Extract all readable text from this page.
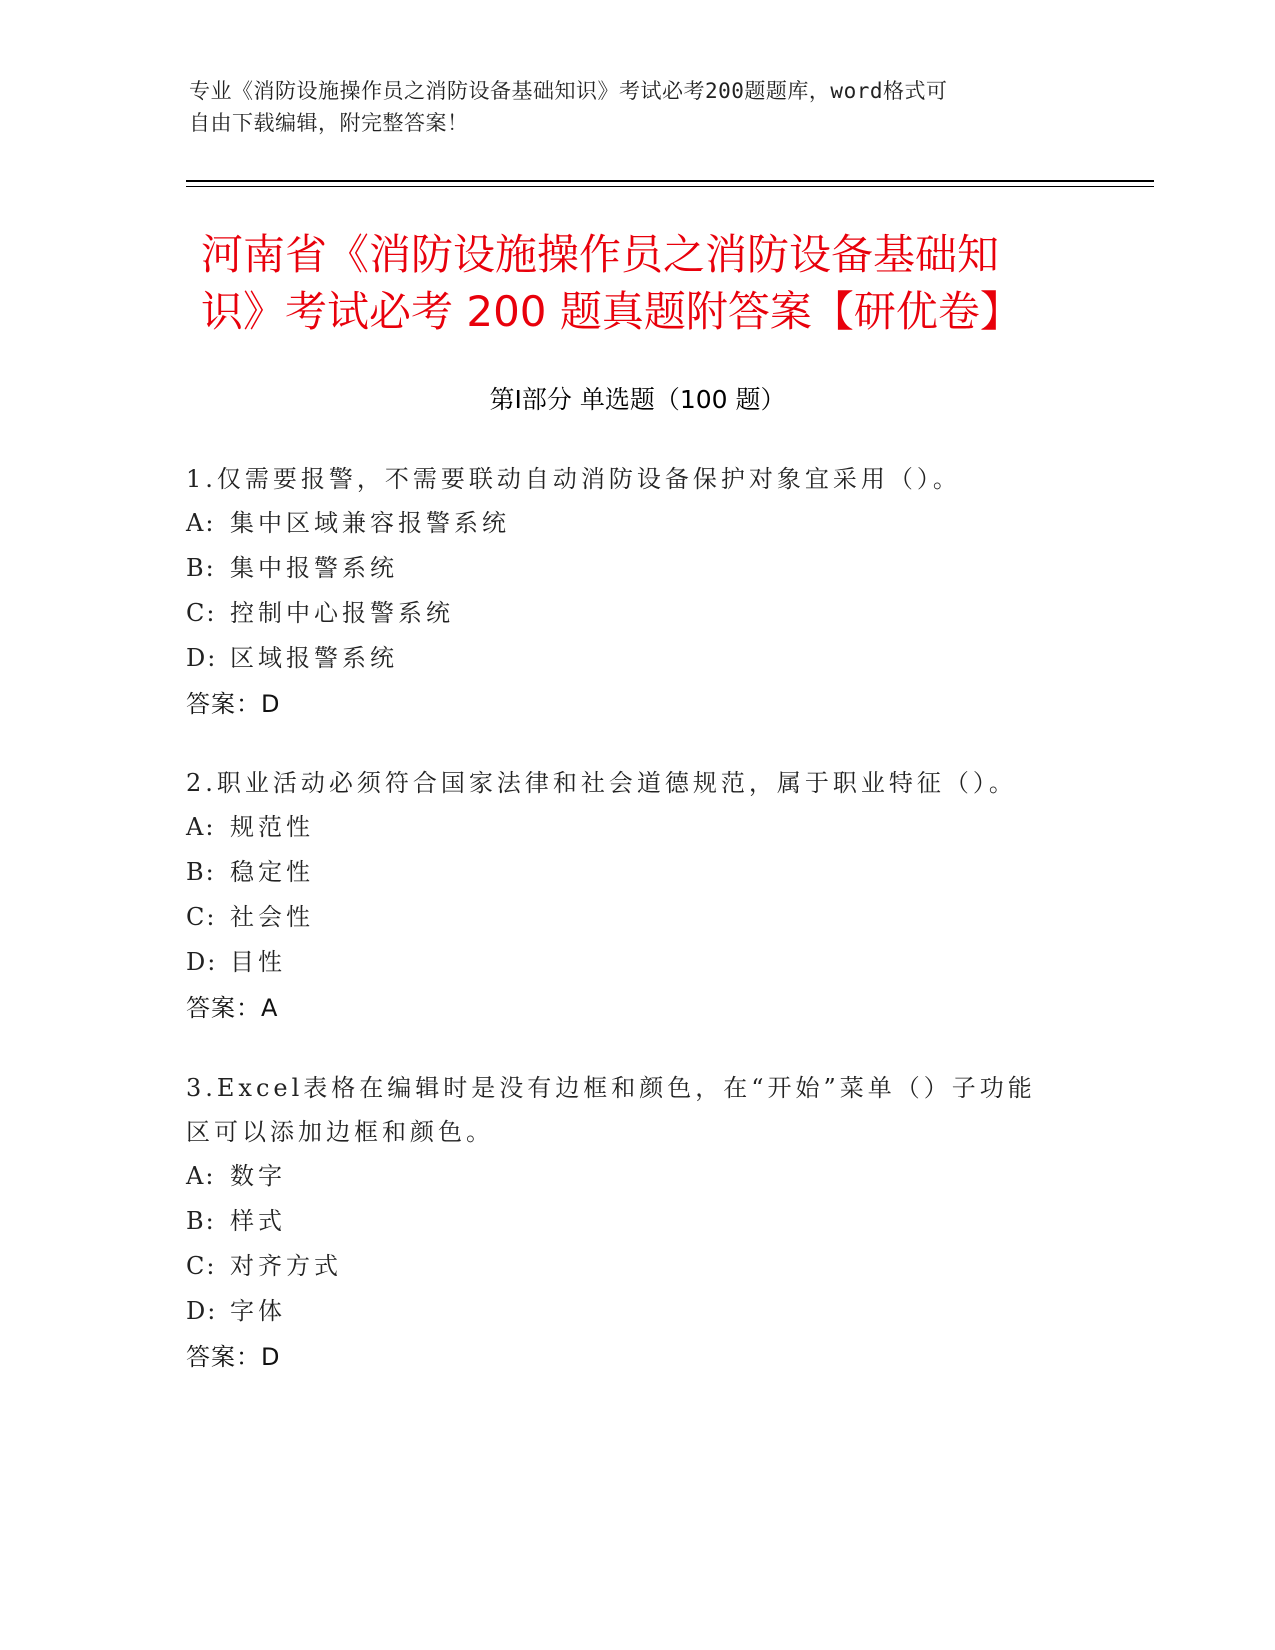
专业《消防设施操作员之消防设备基础知识》考试必考200题题库，word格式可
自由下载编辑，附完整答案！
河南省《消防设施操作员之消防设备基础知
识》考试必考 200 题真题附答案【研优卷】
第Ⅰ部分 单选题（100 题）
1.仅需要报警，不需要联动自动消防设备保护对象宜采用（）。
A: 集中区域兼容报警系统
B: 集中报警系统
C: 控制中心报警系统
D: 区域报警系统
答案：D
2.职业活动必须符合国家法律和社会道德规范，属于职业特征（）。
A: 规范性
B: 稳定性
C: 社会性
D: 目性
答案：A
3.Excel表格在编辑时是没有边框和颜色，在“开始”菜单（）子功能
区可以添加边框和颜色。
A: 数字
B: 样式
C: 对齐方式
D: 字体
答案：D
